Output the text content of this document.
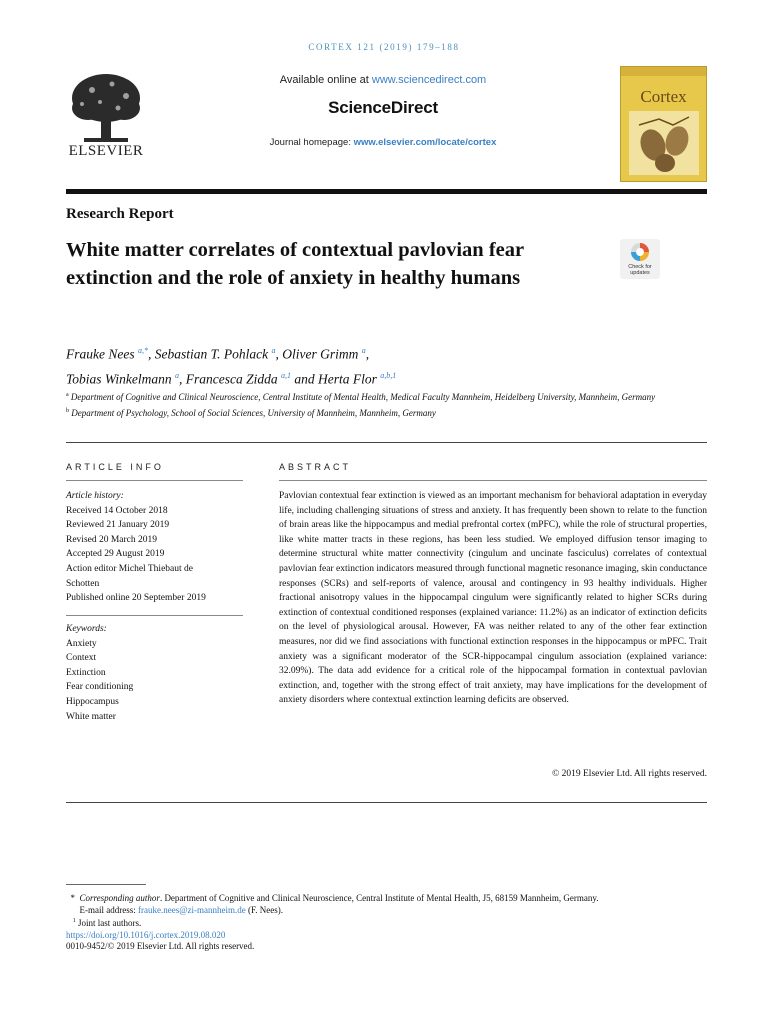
CORTEX 121 (2019) 179–188
ELSEVIER
Available online at www.sciencedirect.com
ScienceDirect
Journal homepage: www.elsevier.com/locate/cortex
Cortex
Research Report
White matter correlates of contextual pavlovian fear extinction and the role of anxiety in healthy humans	Check for updates
Frauke Nees $^{a,*}$, Sebastian T. Pohlack $^a$, Oliver Grimm $^a$,
Tobias Winkelmann $^a$, Francesca Zidda $^{a,1}$ and Herta Flor $^{a,b,1}$
$^a$ Department of Cognitive and Clinical Neuroscience, Central Institute of Mental Health, Medical Faculty Mannheim, Heidelberg University, Mannheim, Germany
$^b$ Department of Psychology, School of Social Sciences, University of Mannheim, Mannheim, Germany
ARTICLE INFO
Article history:
Received 14 October 2018
Reviewed 21 January 2019
Revised 20 March 2019
Accepted 29 August 2019
Action editor Michel Thiebaut de
Schotten
Published online 20 September 2019
Keywords:
Anxiety
Context
Extinction
Fear conditioning
Hippocampus
White matter
ABSTRACT
Pavlovian contextual fear extinction is viewed as an important mechanism for behavioral adaptation in everyday life, including challenging situations of stress and anxiety. It has frequently been shown to relate to the function of brain areas like the hippocampus and medial prefrontal cortex (mPFC), while the role of structural properties, like white matter tracts in these regions, has been less studied. We employed diffusion tensor imaging to determine structural white matter connectivity (cingulum and uncinate fasciculus) correlates of contextual pavlovian fear extinction indicators measured through functional magnetic resonance imaging, skin conductance responses (SCRs) and self-reports of valence, arousal and contingency in 93 healthy individuals. Higher fractional anisotropy values in the hippocampal cingulum were significantly related to higher SCRs during extinction of contextual conditioned responses (explained variance: 11.2%) as an indicator of extinction deficits on the level of physiological arousal. However, FA was neither related to any of the other fear extinction measures, nor did we find associations with functional extinction responses in the hippocampus or mPFC. Trait anxiety was a significant moderator of the SCR-hippocampal cingulum association (explained variance: 32.09%). The data add evidence for a critical role of the hippocampal formation in contextual pavlovian extinction, and, together with the strong effect of trait anxiety, may have implications for the development of anxiety disorders where contextual extinction learning deficits are observed.
© 2019 Elsevier Ltd. All rights reserved.
* Corresponding author. Department of Cognitive and Clinical Neuroscience, Central Institute of Mental Health, J5, 68159 Mannheim, Germany.
E-mail address: frauke.nees@zi-mannheim.de (F. Nees).
$^1$ Joint last authors.
https://doi.org/10.1016/j.cortex.2019.08.020
0010-9452/© 2019 Elsevier Ltd. All rights reserved.
